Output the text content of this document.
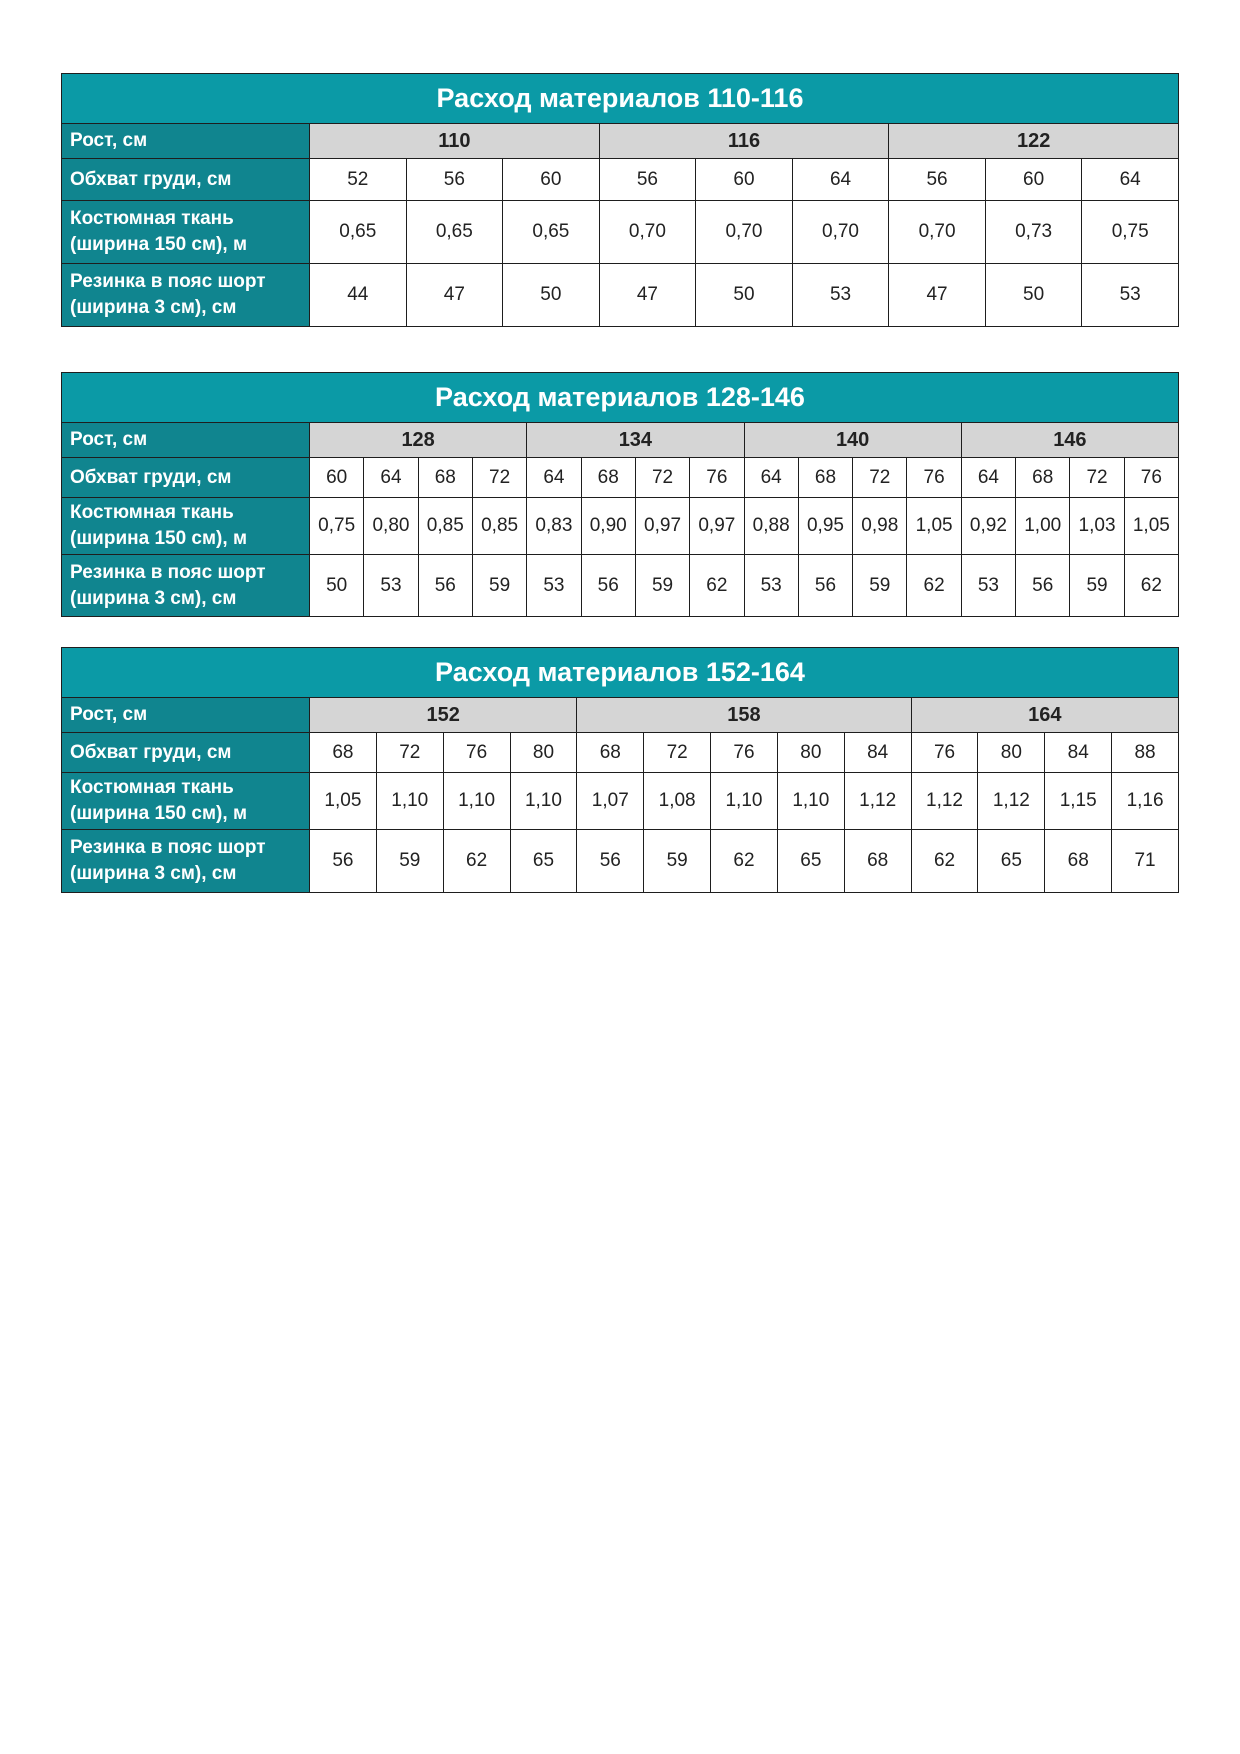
Расход материалов 110-116									
Рост, см	110			116			122		
Обхват груди, см	52	56	60	56	60	64	56	60	64

Костюмная ткань
(ширина 150 см), м	0,65	0,65	0,65	0,70	0,70	0,70	0,70	0,73	0,75

Резинка в пояс шорт
(ширина 3 см), см	44	47	50	47	50	53	47	50	53
Расход материалов 128-146																
Рост, см	128				134				140				146			
Обхват груди, см	60	64	68	72	64	68	72	76	64	68	72	76	64	68	72	76

Костюмная ткань
(ширина 150 см), м	0,75	0,80	0,85	0,85	0,83	0,90	0,97	0,97	0,88	0,95	0,98	1,05	0,92	1,00	1,03	1,05

Резинка в пояс шорт
(ширина 3 см), см	50	53	56	59	53	56	59	62	53	56	59	62	53	56	59	62
Расход материалов 152-164													
Рост, см	152				158					164			
Обхват груди, см	68	72	76	80	68	72	76	80	84	76	80	84	88

Костюмная ткань
(ширина 150 см), м	1,05	1,10	1,10	1,10	1,07	1,08	1,10	1,10	1,12	1,12	1,12	1,15	1,16

Резинка в пояс шорт
(ширина 3 см), см	56	59	62	65	56	59	62	65	68	62	65	68	71
